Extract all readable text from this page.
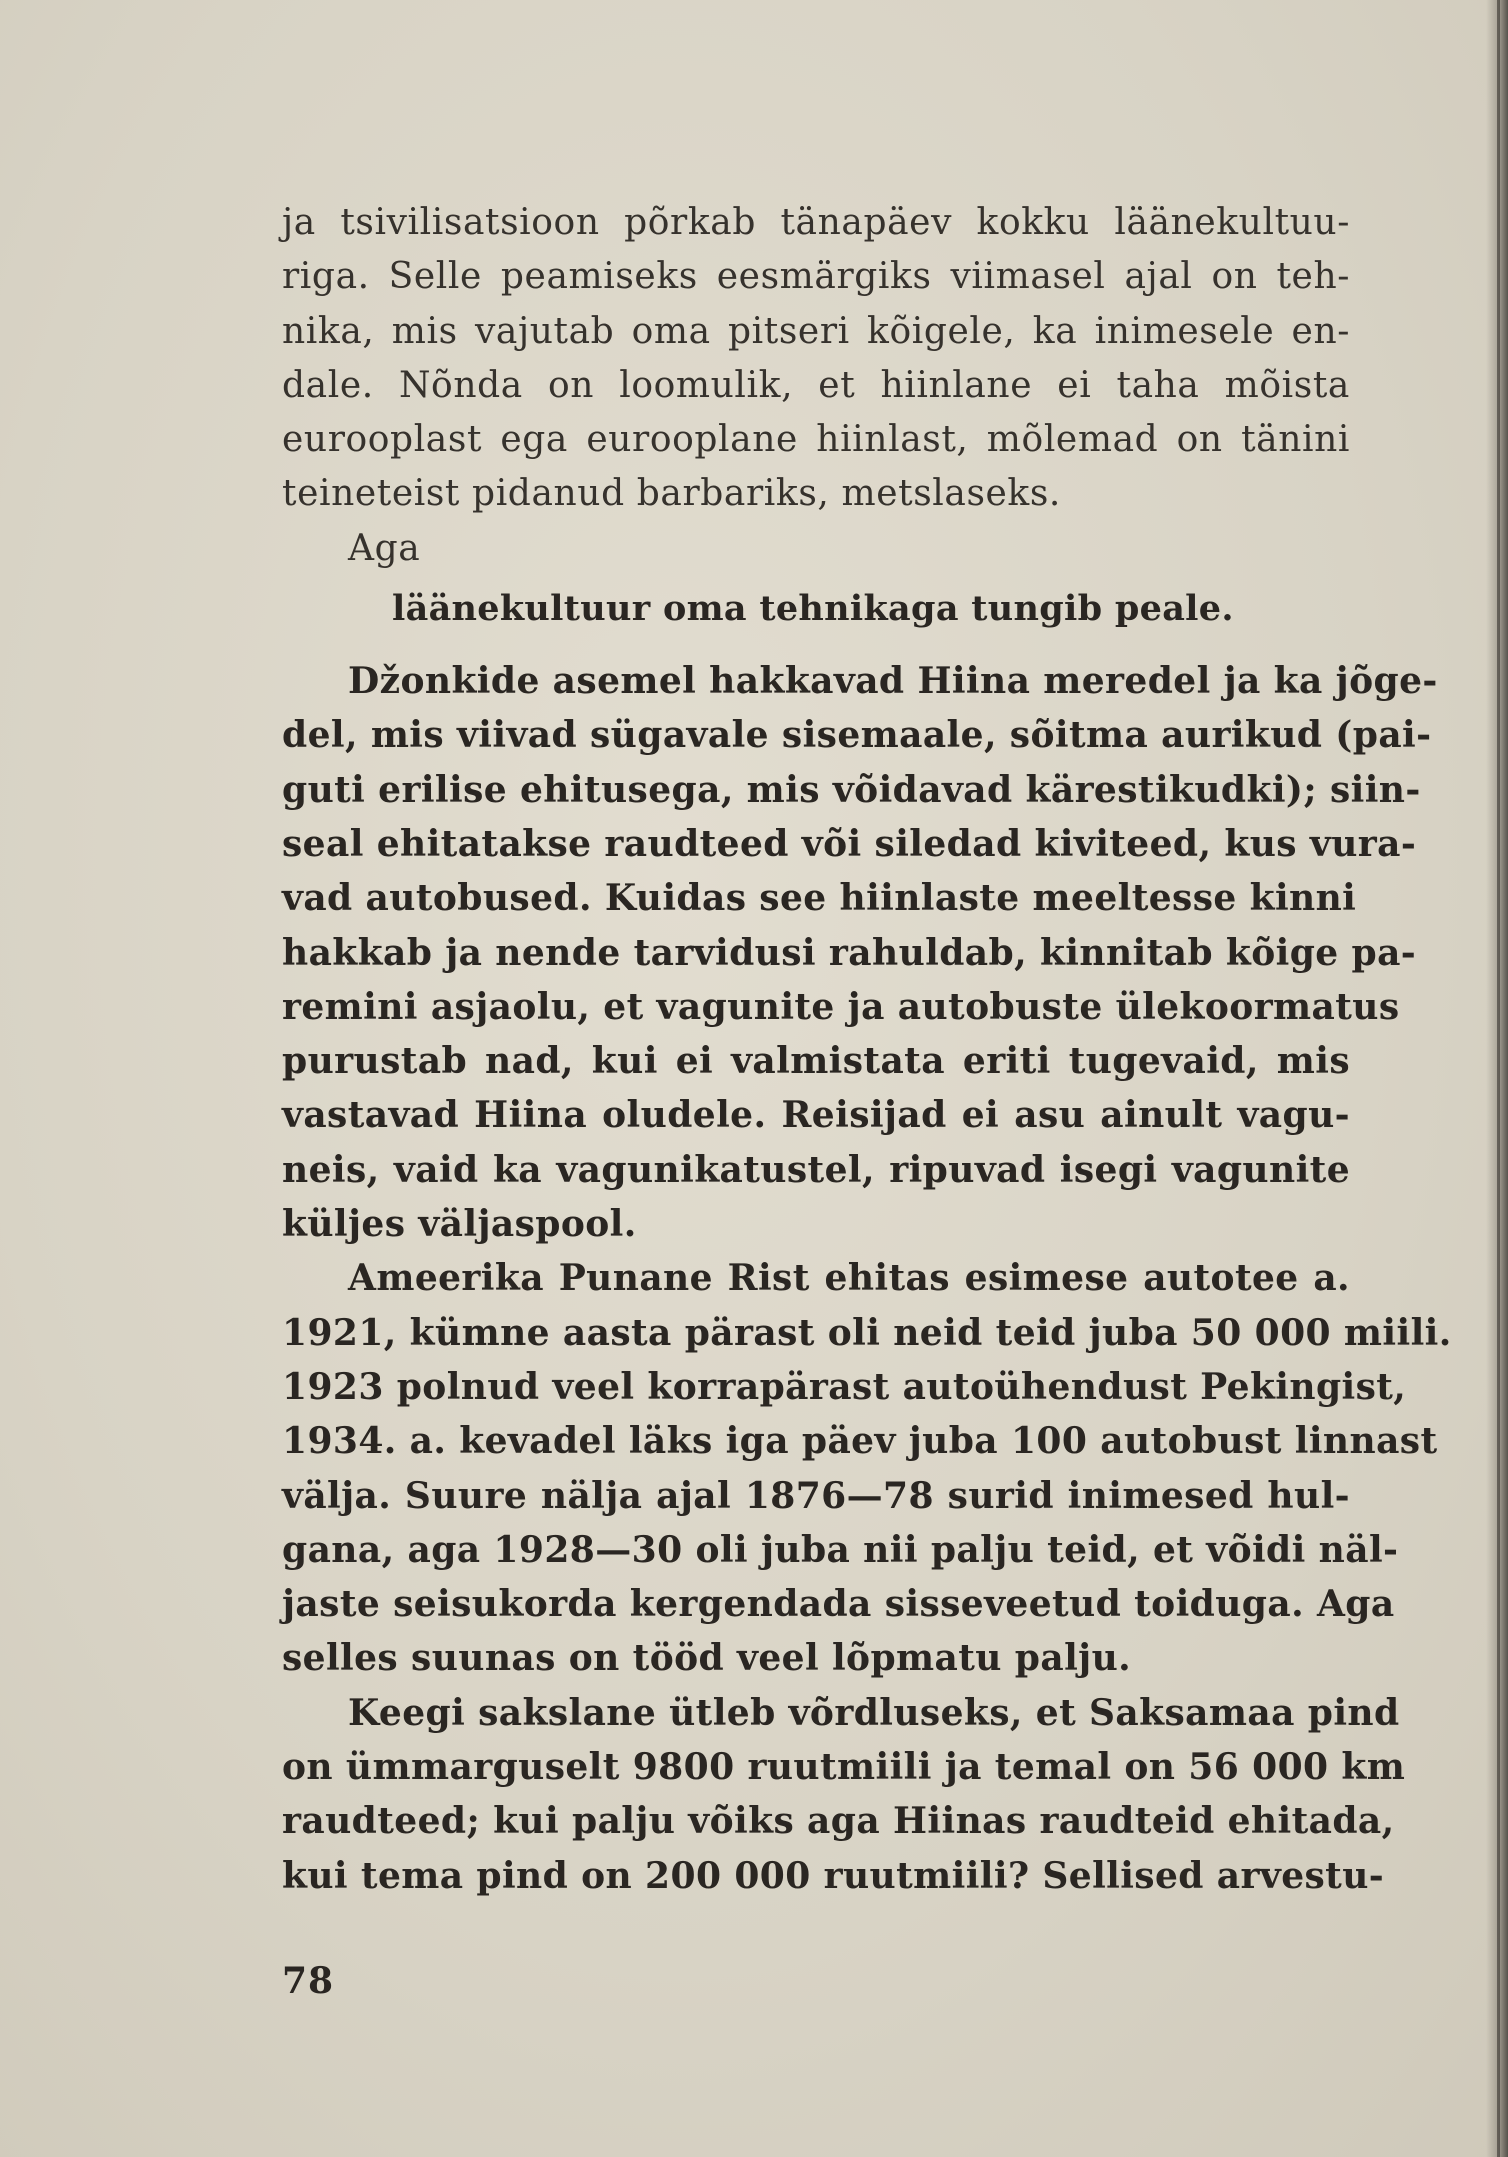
ja tsivilisatsioon põrkab tänapäev kokku läänekultuu-
riga. Selle peamiseks eesmärgiks viimasel ajal on teh-
nika, mis vajutab oma pitseri kõigele, ka inimesele en-
dale. Nõnda on loomulik, et hiinlane ei taha mõista
eurooplast ega eurooplane hiinlast, mõlemad on tänini
teineteist pidanud barbariks, metslaseks.
Aga
läänekultuur oma tehnikaga tungib peale.
Džonkide asemel hakkavad Hiina meredel ja ka jõge-
del, mis viivad sügavale sisemaale, sõitma aurikud (pai-
guti erilise ehitusega, mis võidavad kärestikudki); siin-
seal ehitatakse raudteed või siledad kiviteed, kus vura-
vad autobused. Kuidas see hiinlaste meeltesse kinni
hakkab ja nende tarvidusi rahuldab, kinnitab kõige pa-
remini asjaolu, et vagunite ja autobuste ülekoormatus
purustab nad, kui ei valmistata eriti tugevaid, mis
vastavad Hiina oludele. Reisijad ei asu ainult vagu-
neis, vaid ka vagunikatustel, ripuvad isegi vagunite
küljes väljaspool.
Ameerika Punane Rist ehitas esimese autotee a.
1921, kümne aasta pärast oli neid teid juba 50 000 miili.
1923 polnud veel korrapärast autoühendust Pekingist,
1934. a. kevadel läks iga päev juba 100 autobust linnast
välja. Suure nälja ajal 1876—78 surid inimesed hul-
gana, aga 1928—30 oli juba nii palju teid, et võidi näl-
jaste seisukorda kergendada sisseveetud toiduga. Aga
selles suunas on tööd veel lõpmatu palju.
Keegi sakslane ütleb võrdluseks, et Saksamaa pind
on ümmarguselt 9800 ruutmiili ja temal on 56 000 km
raudteed; kui palju võiks aga Hiinas raudteid ehitada,
kui tema pind on 200 000 ruutmiili? Sellised arvestu-
78
